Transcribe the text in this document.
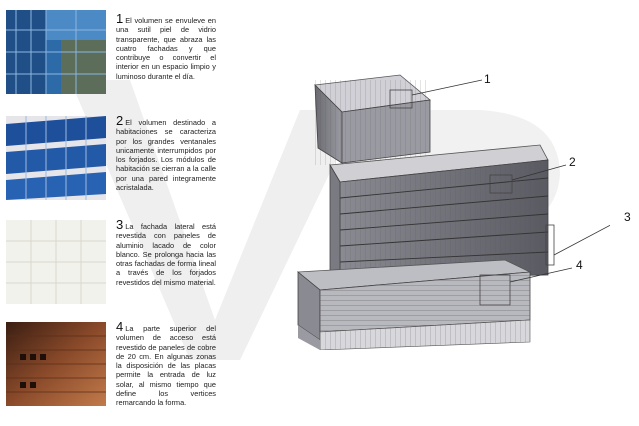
1 El volumen se envuleve en una sutil piel de vidrio transparente, que abraza las cuatro fachadas y que contribuye o convertir el interior en un espacio limpio y luminoso durante el día.
2 El volumen destinado a habitaciones se caracteriza por los grandes ventanales unicamente interrumpidos por los forjados. Los módulos de habitación se cierran a la calle por una pared integramente acristalada.
3 La fachada lateral está revestida con paneles de aluminio lacado de color blanco. Se prolonga hacia las otras fachadas de forma lineal a través de los forjados revestidos del mismo material.
4 La parte superior del volumen de acceso está revestido de paneles de cobre de 20 cm. En algunas zonas la disposición de las placas permite la entrada de luz solar, al mismo tiempo que define los vertices remarcando la forma.
1
2
3
4
